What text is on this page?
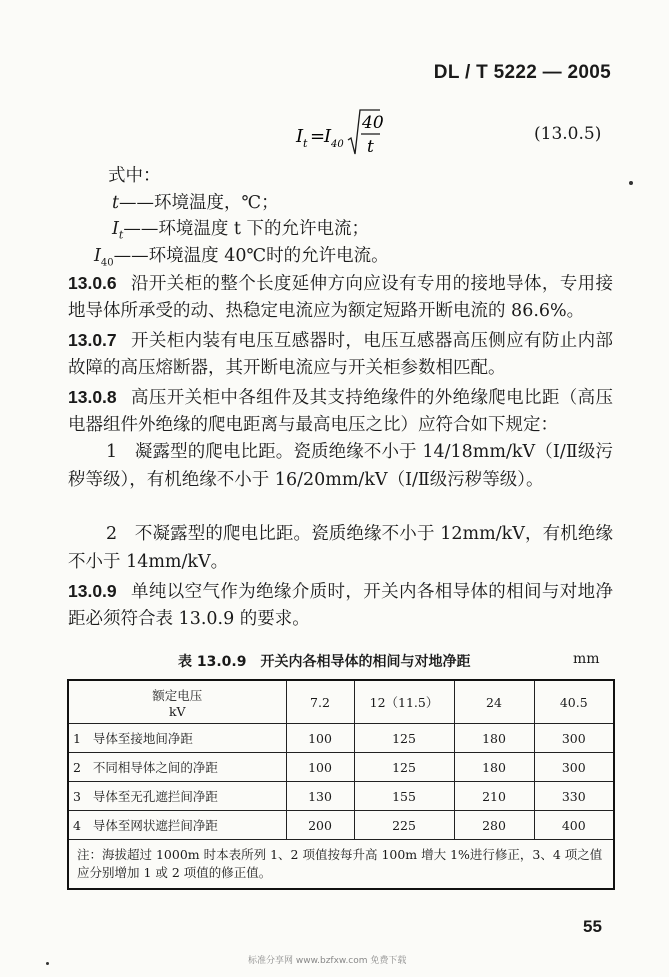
DL / T 5222 — 2005
I t =
I 40
40
t
(13.0.5)
式中：
t——环境温度，℃；
$I_t——$环境温度 t 下的允许电流；
$I_{40}——$环境温度 40℃时的允许电流。
13.0.6 沿开关柜的整个长度延伸方向应设有专用的接地导体，专用接地导体所承受的动、热稳定电流应为额定短路开断电流的 86.6%。
13.0.7 开关柜内装有电压互感器时，电压互感器高压侧应有防止内部故障的高压熔断器，其开断电流应与开关柜参数相匹配。
13.0.8 高压开关柜中各组件及其支持绝缘件的外绝缘爬电比距（高压电器组件外绝缘的爬电距离与最高电压之比）应符合如下规定：
1　凝露型的爬电比距。瓷质绝缘不小于 14/18mm/kV（Ⅰ/Ⅱ级污秽等级），有机绝缘不小于 16/20mm/kV（Ⅰ/Ⅱ级污秽等级）。
2　不凝露型的爬电比距。瓷质绝缘不小于 12mm/kV，有机绝缘不小于 14mm/kV。
13.0.9 单纯以空气作为绝缘介质时，开关内各相导体的相间与对地净距必须符合表 13.0.9 的要求。
表 13.0.9　开关内各相导体的相间与对地净距	mm
额定电压
kV	7.2	12（11.5）	24	40.5
1 导体至接地间净距	100	125	180	300
2 不同相导体之间的净距	100	125	180	300
3 导体至无孔遮拦间净距	130	155	210	330
4 导体至网状遮拦间净距	200	225	280	400
注：海拔超过 1000m 时本表所列 1、2 项值按每升高 100m 增大 1%进行修正，3、4 项之值应分别增加 1 或 2 项值的修正值。				
55
标准分享网 www.bzfxw.com 免费下载
